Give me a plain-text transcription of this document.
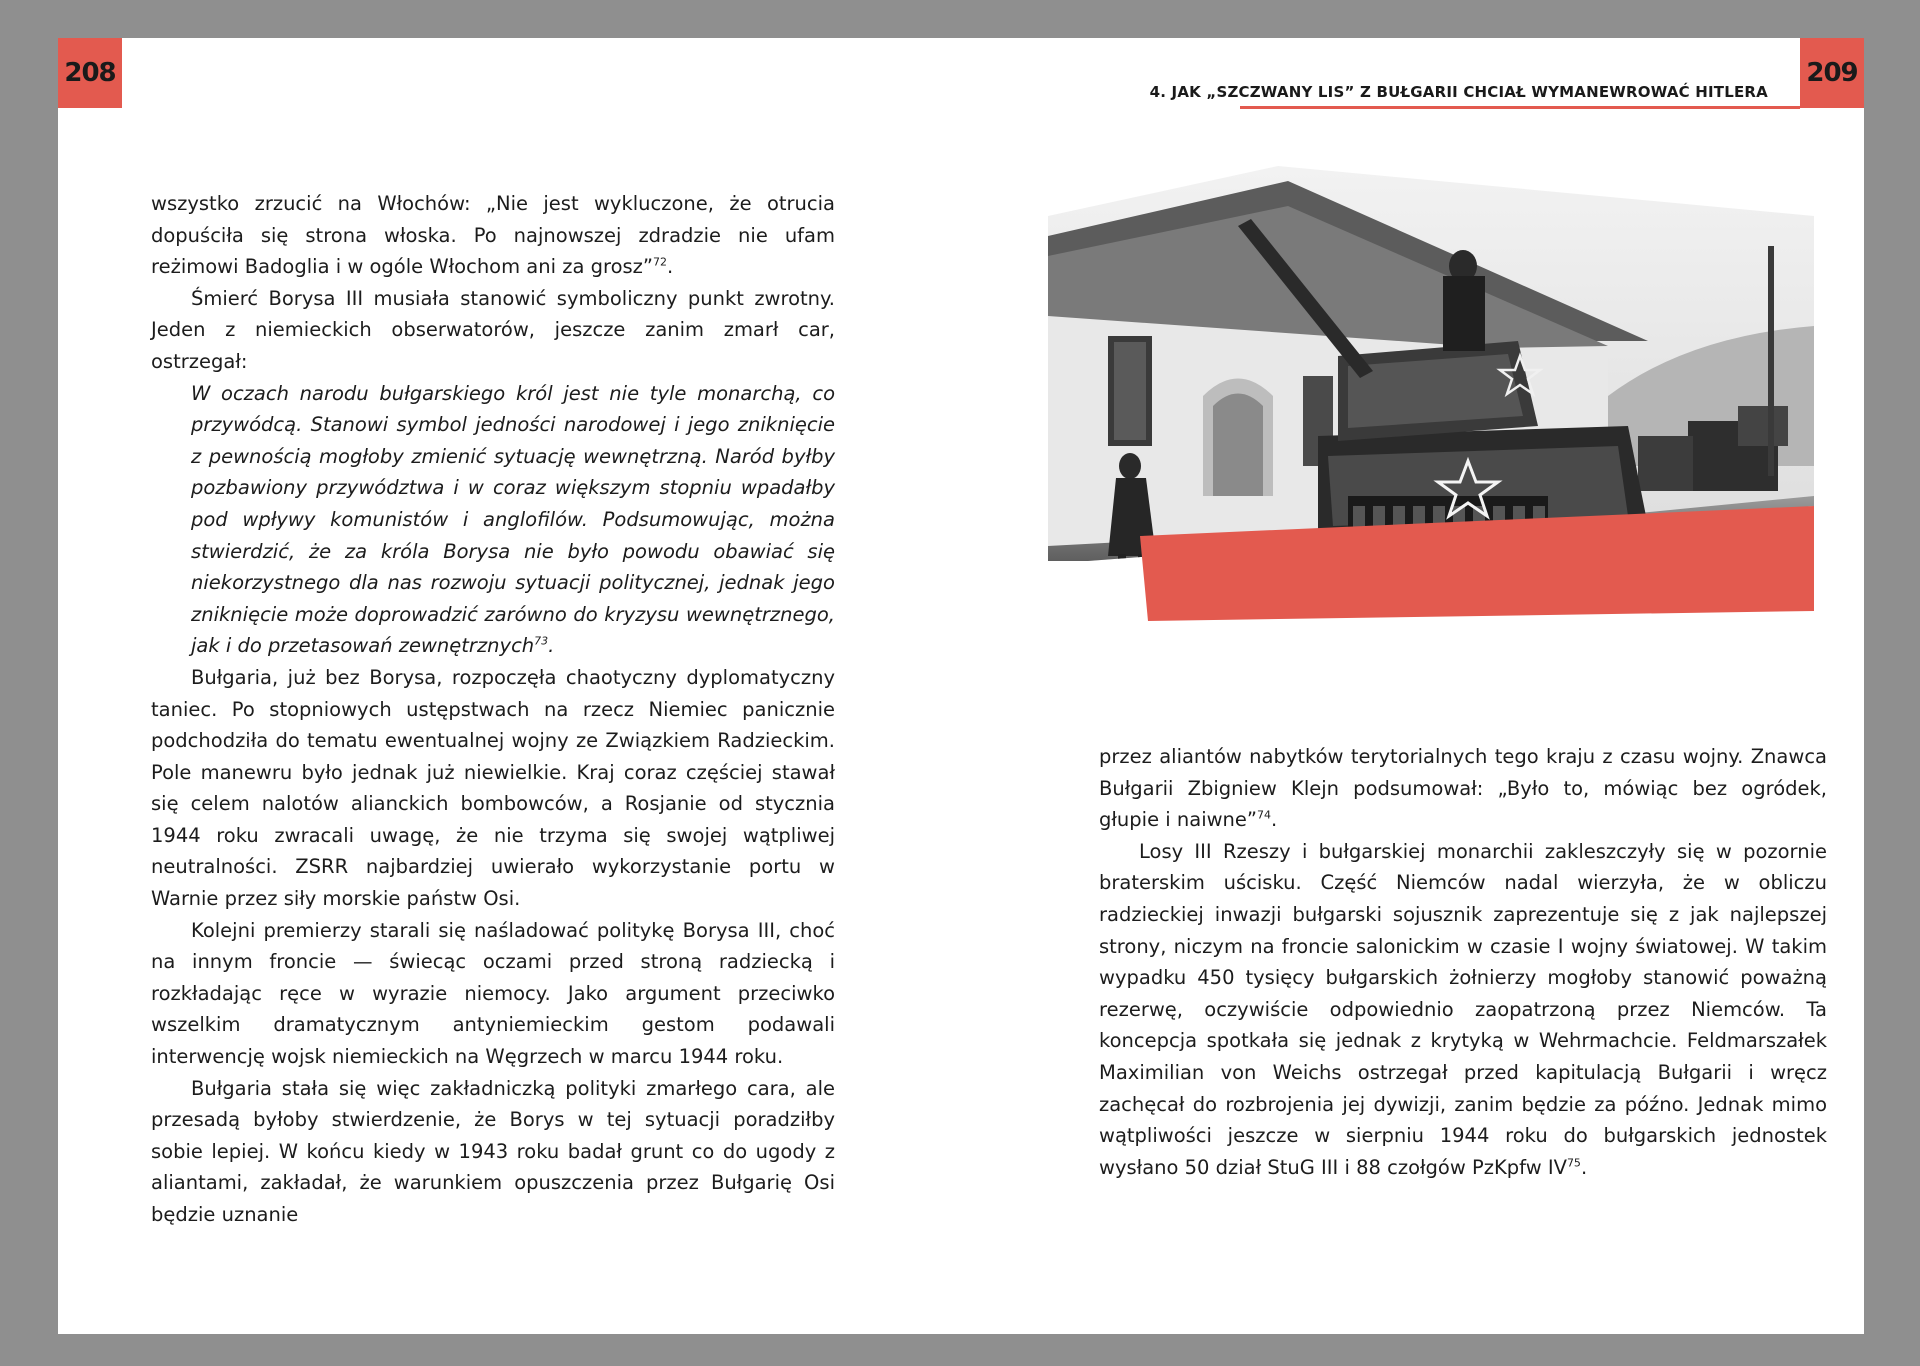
208

wszystko zrzucić na Włochów: „Nie jest wykluczone, że otrucia dopuściła się strona włoska. Po najnowszej zdradzie nie ufam reżimowi Badoglia i w ogóle Włochom ani za grosz”$^{72}$.

Śmierć Borysa III musiała stanowić symboliczny punkt zwrotny. Jeden z niemieckich obserwatorów, jeszcze zanim zmarł car, ostrzegał:

W oczach narodu bułgarskiego król jest nie tyle monarchą, co przywódcą. Stanowi symbol jedności narodowej i jego zniknięcie z pewnością mogłoby zmienić sytuację wewnętrzną. Naród byłby pozbawiony przywództwa i w coraz większym stopniu wpadałby pod wpływy komunistów i anglofilów. Podsumowując, można stwierdzić, że za króla Borysa nie było powodu obawiać się niekorzystnego dla nas rozwoju sytuacji politycznej, jednak jego zniknięcie może doprowadzić zarówno do kryzysu wewnętrznego, jak i do przetasowań zewnętrznych$^{73}$.

Bułgaria, już bez Borysa, rozpoczęła chaotyczny dyplomatyczny taniec. Po stopniowych ustępstwach na rzecz Niemiec panicznie podchodziła do tematu ewentualnej wojny ze Związkiem Radzieckim. Pole manewru było jednak już niewielkie. Kraj coraz częściej stawał się celem nalotów alianckich bombowców, a Rosjanie od stycznia 1944 roku zwracali uwagę, że nie trzyma się swojej wątpliwej neutralności. ZSRR najbardziej uwierało wykorzystanie portu w Warnie przez siły morskie państw Osi.

Kolejni premierzy starali się naśladować politykę Borysa III, choć na innym froncie — świecąc oczami przed stroną radziecką i rozkładając ręce w wyrazie niemocy. Jako argument przeciwko wszelkim dramatycznym antyniemieckim gestom podawali interwencję wojsk niemieckich na Węgrzech w marcu 1944 roku.

Bułgaria stała się więc zakładniczką polityki zmarłego cara, ale przesadą byłoby stwierdzenie, że Borys w tej sytuacji poradziłby sobie lepiej. W końcu kiedy w 1943 roku badał grunt co do ugody z aliantami, zakładał, że warunkiem opuszczenia przez Bułgarię Osi będzie uznanie

4. JAK „SZCZWANY LIS” Z BUŁGARII CHCIAŁ WYMANEWROWAĆ HITLERA
209
Niemcy jeszcze w sierpniu 1944 zaopatrywali bułgarskie dywizje w czołgi i działa samobieżne. Chrzest bojowy czekał te pojazdy jednak w walce przeciwko III Rzeszy.

przez aliantów nabytków terytorialnych tego kraju z czasu wojny. Znawca Bułgarii Zbigniew Klejn podsumował: „Było to, mówiąc bez ogródek, głupie i naiwne”$^{74}$.

Losy III Rzeszy i bułgarskiej monarchii zakleszczyły się w pozornie braterskim uścisku. Część Niemców nadal wierzyła, że w obliczu radzieckiej inwazji bułgarski sojusznik zaprezentuje się z jak najlepszej strony, niczym na froncie salonickim w czasie I wojny światowej. W takim wypadku 450 tysięcy bułgarskich żołnierzy mogłoby stanowić poważną rezerwę, oczywiście odpowiednio zaopatrzoną przez Niemców. Ta koncepcja spotkała się jednak z krytyką w Wehrmachcie. Feldmarszałek Maximilian von Weichs ostrzegał przed kapitulacją Bułgarii i wręcz zachęcał do rozbrojenia jej dywizji, zanim będzie za późno. Jednak mimo wątpliwości jeszcze w sierpniu 1944 roku do bułgarskich jednostek wysłano 50 dział StuG III i 88 czołgów PzKpfw IV$^{75}$.
